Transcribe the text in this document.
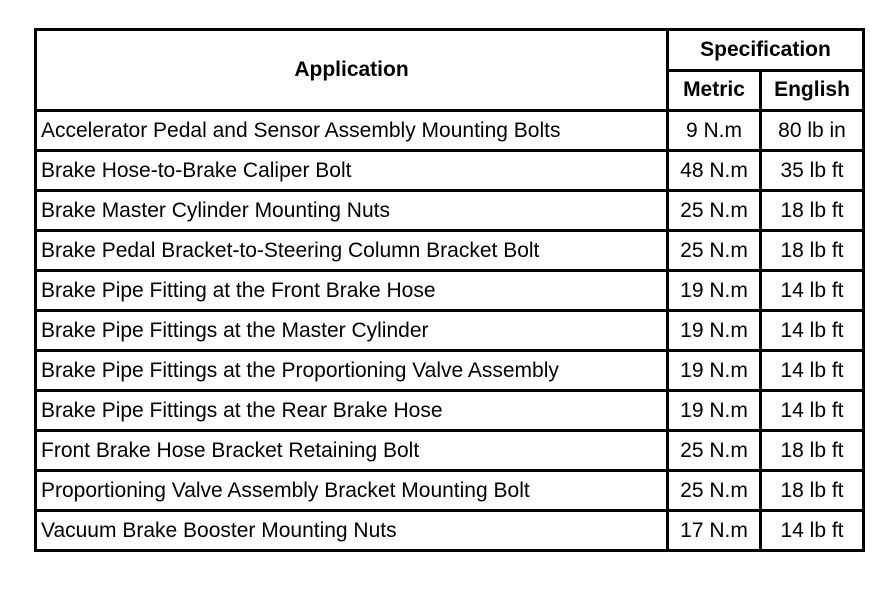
Application	Specification	
	Metric	English
Accelerator Pedal and Sensor Assembly Mounting Bolts	9 N.m	80 lb in
Brake Hose-to-Brake Caliper Bolt	48 N.m	35 lb ft
Brake Master Cylinder Mounting Nuts	25 N.m	18 lb ft
Brake Pedal Bracket-to-Steering Column Bracket Bolt	25 N.m	18 lb ft
Brake Pipe Fitting at the Front Brake Hose	19 N.m	14 lb ft
Brake Pipe Fittings at the Master Cylinder	19 N.m	14 lb ft
Brake Pipe Fittings at the Proportioning Valve Assembly	19 N.m	14 lb ft
Brake Pipe Fittings at the Rear Brake Hose	19 N.m	14 lb ft
Front Brake Hose Bracket Retaining Bolt	25 N.m	18 lb ft
Proportioning Valve Assembly Bracket Mounting Bolt	25 N.m	18 lb ft
Vacuum Brake Booster Mounting Nuts	17 N.m	14 lb ft
